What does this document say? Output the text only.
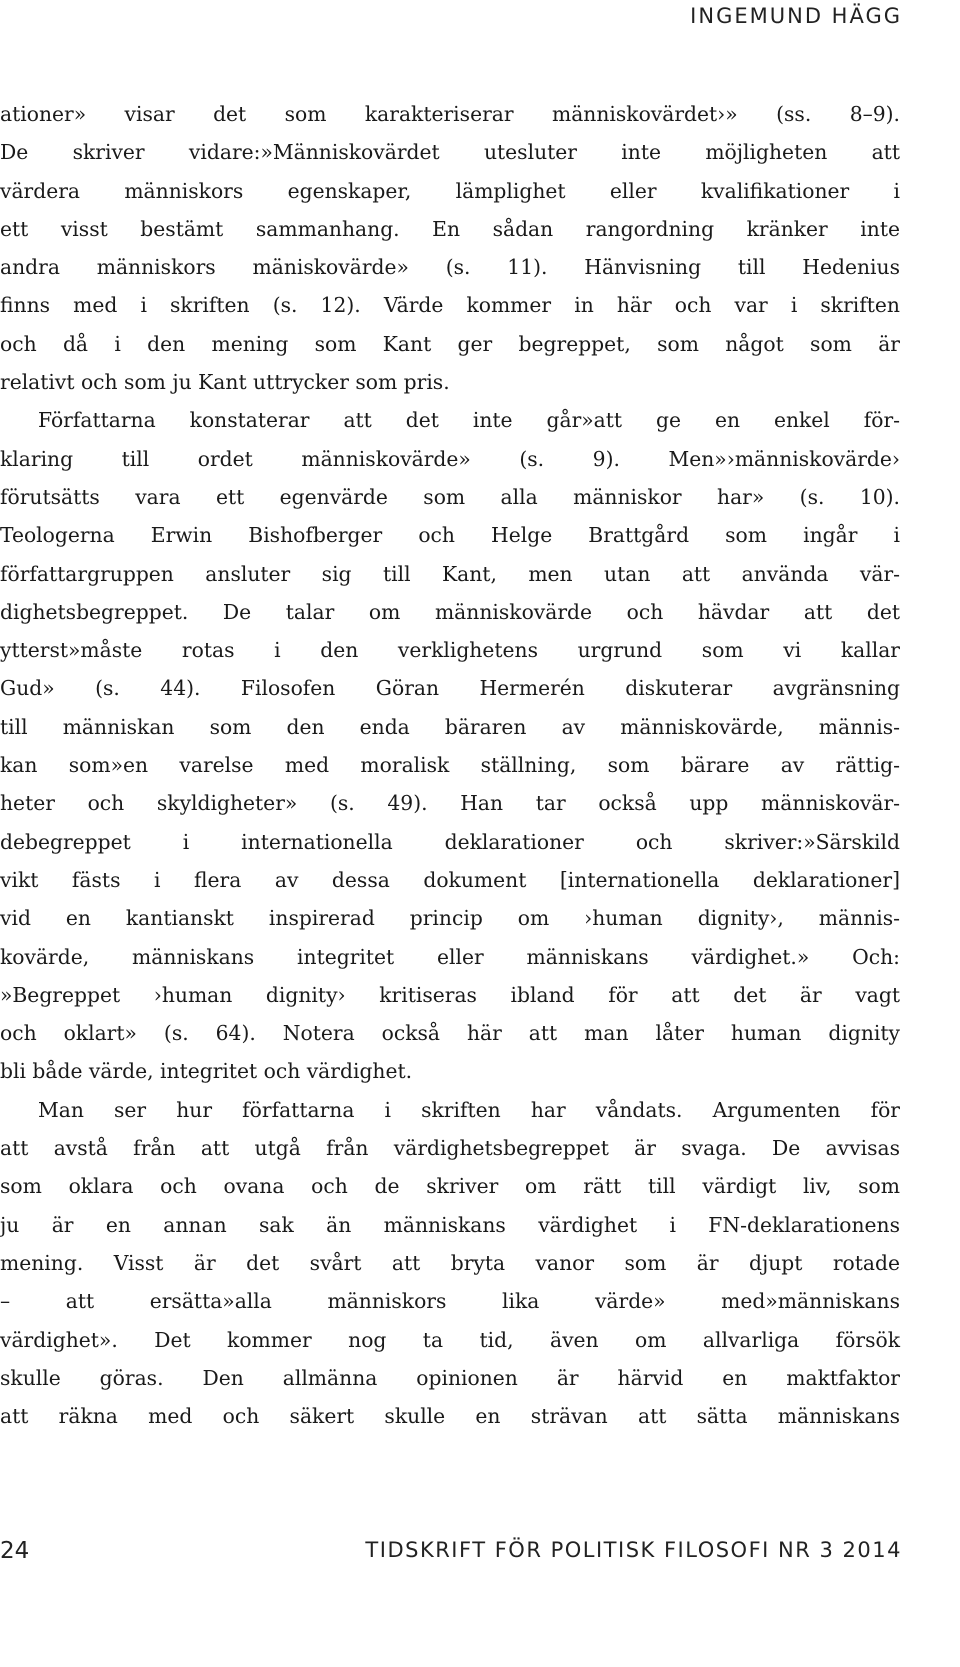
INGEMUND HÄGG
ationer» visar det som karakteriserar människovärdet›» (ss. 8–9).
De skriver vidare:»Människovärdet utesluter inte möjligheten att
värdera människors egenskaper, lämplighet eller kvalifikationer i
ett visst bestämt sammanhang. En sådan rangordning kränker inte
andra människors mäniskovärde» (s. 11). Hänvisning till Hedenius
finns med i skriften (s. 12). Värde kommer in här och var i skriften
och då i den mening som Kant ger begreppet, som något som är
relativt och som ju Kant uttrycker som pris.
Författarna konstaterar att det inte går»att ge en enkel för-
klaring till ordet människovärde» (s. 9). Men»›människovärde›
förutsätts vara ett egenvärde som alla människor har» (s. 10).
Teologerna Erwin Bishofberger och Helge Brattgård som ingår i
författargruppen ansluter sig till Kant, men utan att använda vär-
dighetsbegreppet. De talar om människovärde och hävdar att det
ytterst»måste rotas i den verklighetens urgrund som vi kallar
Gud» (s. 44). Filosofen Göran Hermerén diskuterar avgränsning
till människan som den enda bäraren av människovärde, männis-
kan som»en varelse med moralisk ställning, som bärare av rättig-
heter och skyldigheter» (s. 49). Han tar också upp människovär-
debegreppet i internationella deklarationer och skriver:»Särskild
vikt fästs i flera av dessa dokument [internationella deklarationer]
vid en kantianskt inspirerad princip om ›human dignity›, männis-
kovärde, människans integritet eller människans värdighet.» Och:
»Begreppet ›human dignity› kritiseras ibland för att det är vagt
och oklart» (s. 64). Notera också här att man låter human dignity
bli både värde, integritet och värdighet.
Man ser hur författarna i skriften har våndats. Argumenten för
att avstå från att utgå från värdighetsbegreppet är svaga. De avvisas
som oklara och ovana och de skriver om rätt till värdigt liv, som
ju är en annan sak än människans värdighet i FN-deklarationens
mening. Visst är det svårt att bryta vanor som är djupt rotade
– att ersätta»alla människors lika värde» med»människans
värdighet». Det kommer nog ta tid, även om allvarliga försök
skulle göras. Den allmänna opinionen är härvid en maktfaktor
att räkna med och säkert skulle en strävan att sätta människans
24	TIDSKRIFT FÖR POLITISK FILOSOFI NR 3 2014
